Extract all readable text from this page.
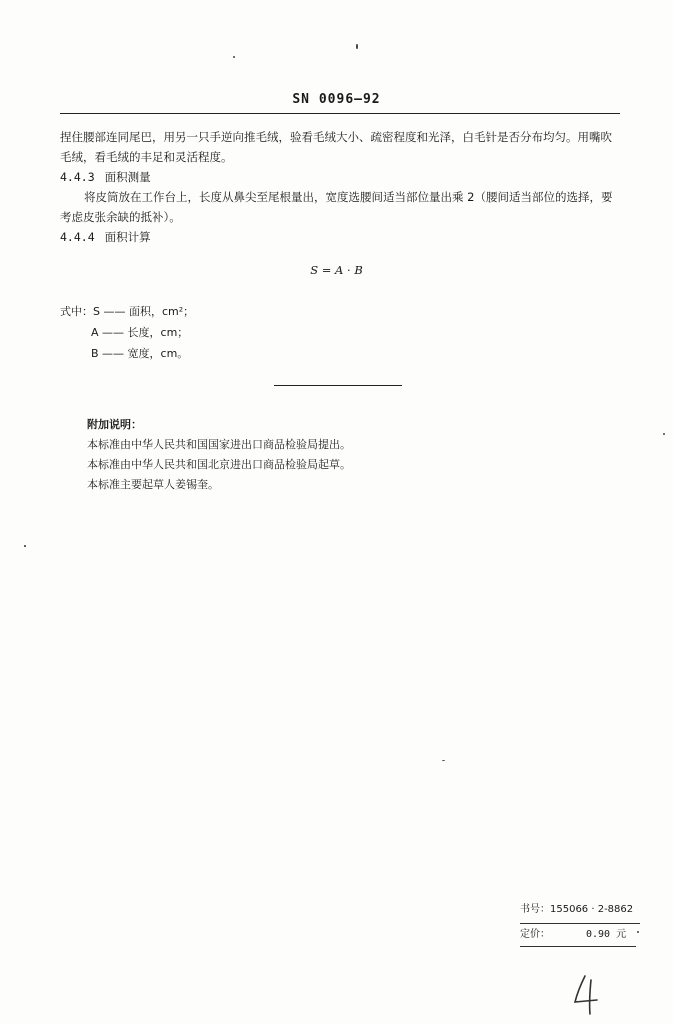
SN 0096—92

捏住腰部连同尾巴，用另一只手逆向推毛绒，验看毛绒大小、疏密程度和光泽，白毛针是否分布均匀。用嘴吹毛绒，看毛绒的丰足和灵活程度。

4.4.3 面积测量

将皮筒放在工作台上，长度从鼻尖至尾根量出，宽度选腰间适当部位量出乘 2（腰间适当部位的选择，要考虑皮张余缺的抵补）。

4.4.4 面积计算

S = A · B
式中：S —— 面积，cm²；
A —— 长度，cm；
B —— 宽度，cm。
附加说明：
本标准由中华人民共和国国家进出口商品检验局提出。
本标准由中华人民共和国北京进出口商品检验局起草。
本标准主要起草人姜锡奎。
书号：155066 · 2-8862
定价：	0.90 元
